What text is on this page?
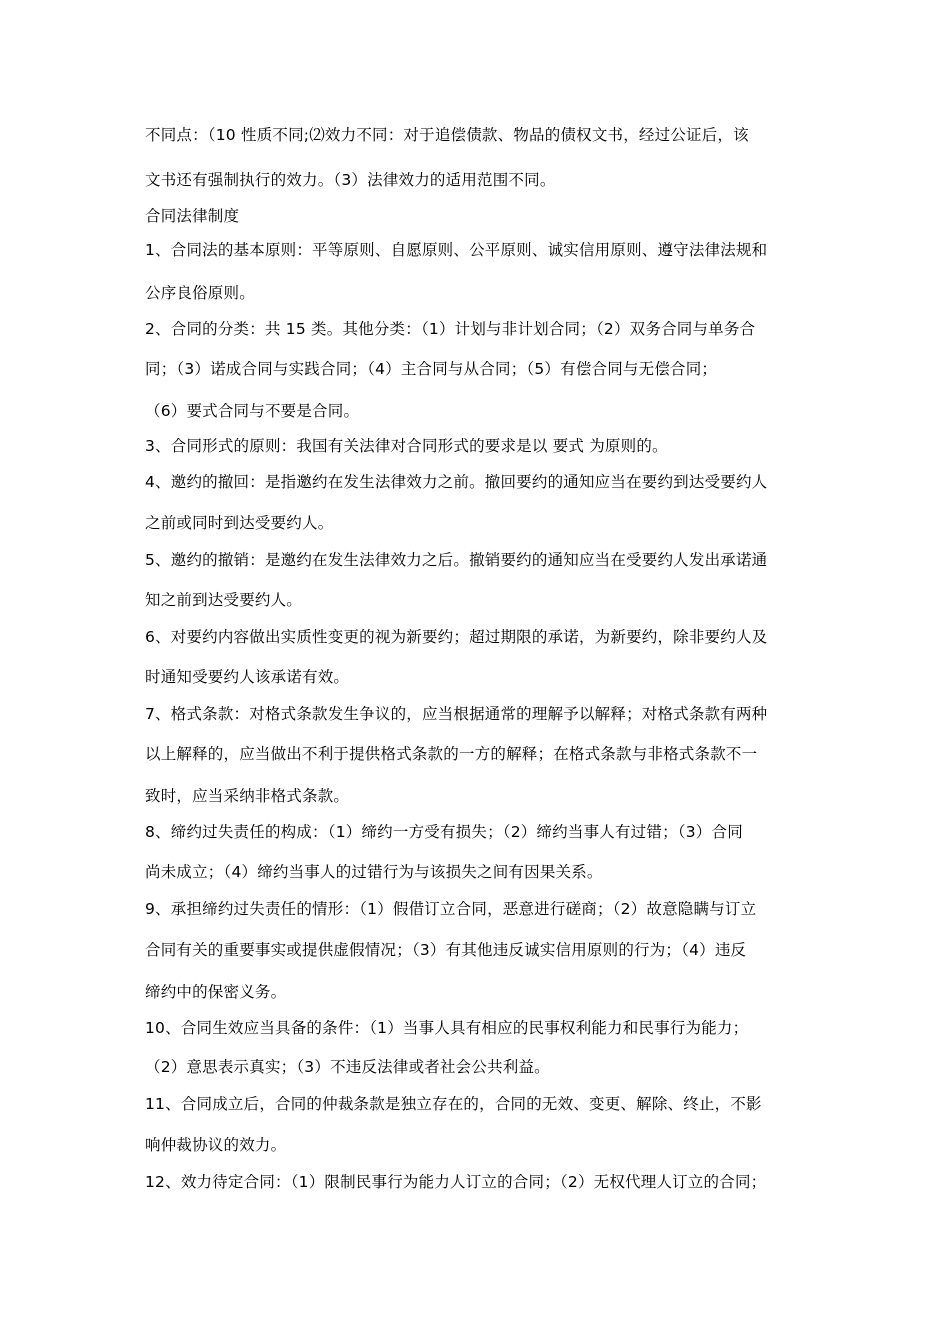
不同点：（10 性质不同;⑵效力不同：对于追偿债款、物品的债权文书，经过公证后，该
文书还有强制执行的效力。（3）法律效力的适用范围不同。
合同法律制度
1、合同法的基本原则：平等原则、自愿原则、公平原则、诚实信用原则、遵守法律法规和
公序良俗原则。
2、合同的分类：共 15 类。其他分类：（1）计划与非计划合同；（2）双务合同与单务合
同；（3）诺成合同与实践合同；（4）主合同与从合同；（5）有偿合同与无偿合同；
（6）要式合同与不要是合同。
3、合同形式的原则：我国有关法律对合同形式的要求是以 要式 为原则的。
4、邀约的撤回：是指邀约在发生法律效力之前。撤回要约的通知应当在要约到达受要约人
之前或同时到达受要约人。
5、邀约的撤销：是邀约在发生法律效力之后。撤销要约的通知应当在受要约人发出承诺通
知之前到达受要约人。
6、对要约内容做出实质性变更的视为新要约；超过期限的承诺，为新要约，除非要约人及
时通知受要约人该承诺有效。
7、格式条款：对格式条款发生争议的，应当根据通常的理解予以解释；对格式条款有两种
以上解释的，应当做出不利于提供格式条款的一方的解释；在格式条款与非格式条款不一
致时，应当采纳非格式条款。
8、缔约过失责任的构成：（1）缔约一方受有损失；（2）缔约当事人有过错；（3）合同
尚未成立；（4）缔约当事人的过错行为与该损失之间有因果关系。
9、承担缔约过失责任的情形：（1）假借订立合同，恶意进行磋商；（2）故意隐瞒与订立
合同有关的重要事实或提供虚假情况；（3）有其他违反诚实信用原则的行为；（4）违反
缔约中的保密义务。
10、合同生效应当具备的条件：（1）当事人具有相应的民事权利能力和民事行为能力；
（2）意思表示真实；（3）不违反法律或者社会公共利益。
11、合同成立后，合同的仲裁条款是独立存在的，合同的无效、变更、解除、终止，不影
响仲裁协议的效力。
12、效力待定合同：（1）限制民事行为能力人订立的合同；（2）无权代理人订立的合同；
